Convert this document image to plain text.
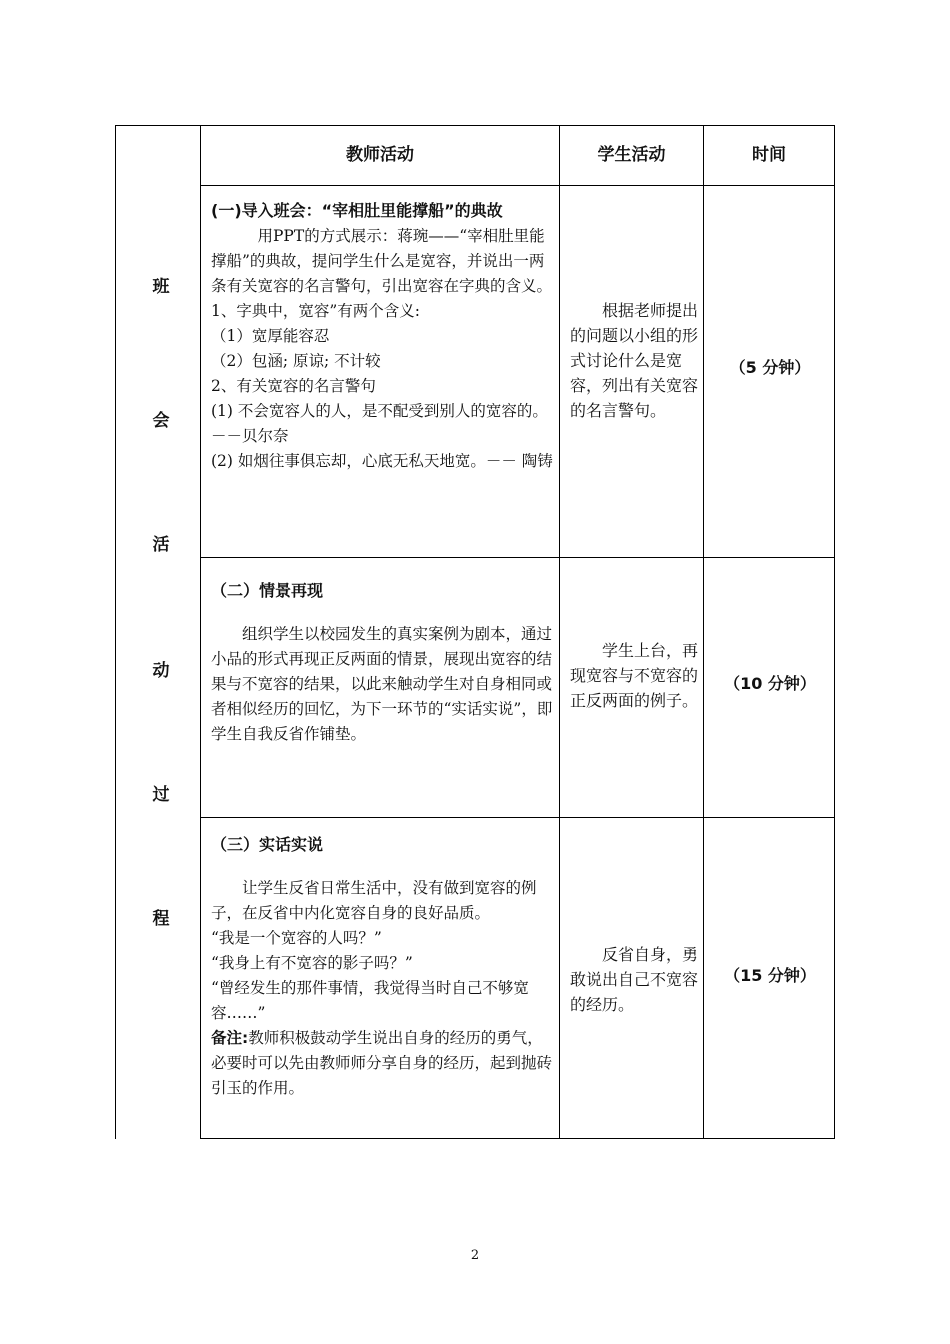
班
会
活
动
过
程
教师活动	学生活动	时间
(一)导入班会：“宰相肚里能撑船”的典故
用PPT的方式展示：蒋琬——“宰相肚里能撑船”的典故，提问学生什么是宽容，并说出一两条有关宽容的名言警句，引出宽容在字典的含义。
1、字典中，宽容”有两个含义:
（1）宽厚能容忍
（2）包涵; 原谅; 不计较
2、有关宽容的名言警句
(1) 不会宽容人的人，是不配受到别人的宽容的。－－贝尔奈
(2) 如烟往事俱忘却，心底无私天地宽。－－ 陶铸
根据老师提出的问题以小组的形式讨论什么是宽容，列出有关宽容的名言警句。
（5 分钟）
（二）情景再现
组织学生以校园发生的真实案例为剧本，通过小品的形式再现正反两面的情景，展现出宽容的结果与不宽容的结果，以此来触动学生对自身相同或者相似经历的回忆，为下一环节的“实话实说”，即学生自我反省作铺垫。
学生上台，再现宽容与不宽容的正反两面的例子。
（10 分钟）
（三）实话实说
让学生反省日常生活中，没有做到宽容的例子，在反省中内化宽容自身的良好品质。
“我是一个宽容的人吗？”
“我身上有不宽容的影子吗？”
“曾经发生的那件事情，我觉得当时自己不够宽容……”
备注:教师积极鼓动学生说出自身的经历的勇气，必要时可以先由教师师分享自身的经历，起到抛砖引玉的作用。
反省自身，勇敢说出自己不宽容的经历。
（15 分钟）
2
